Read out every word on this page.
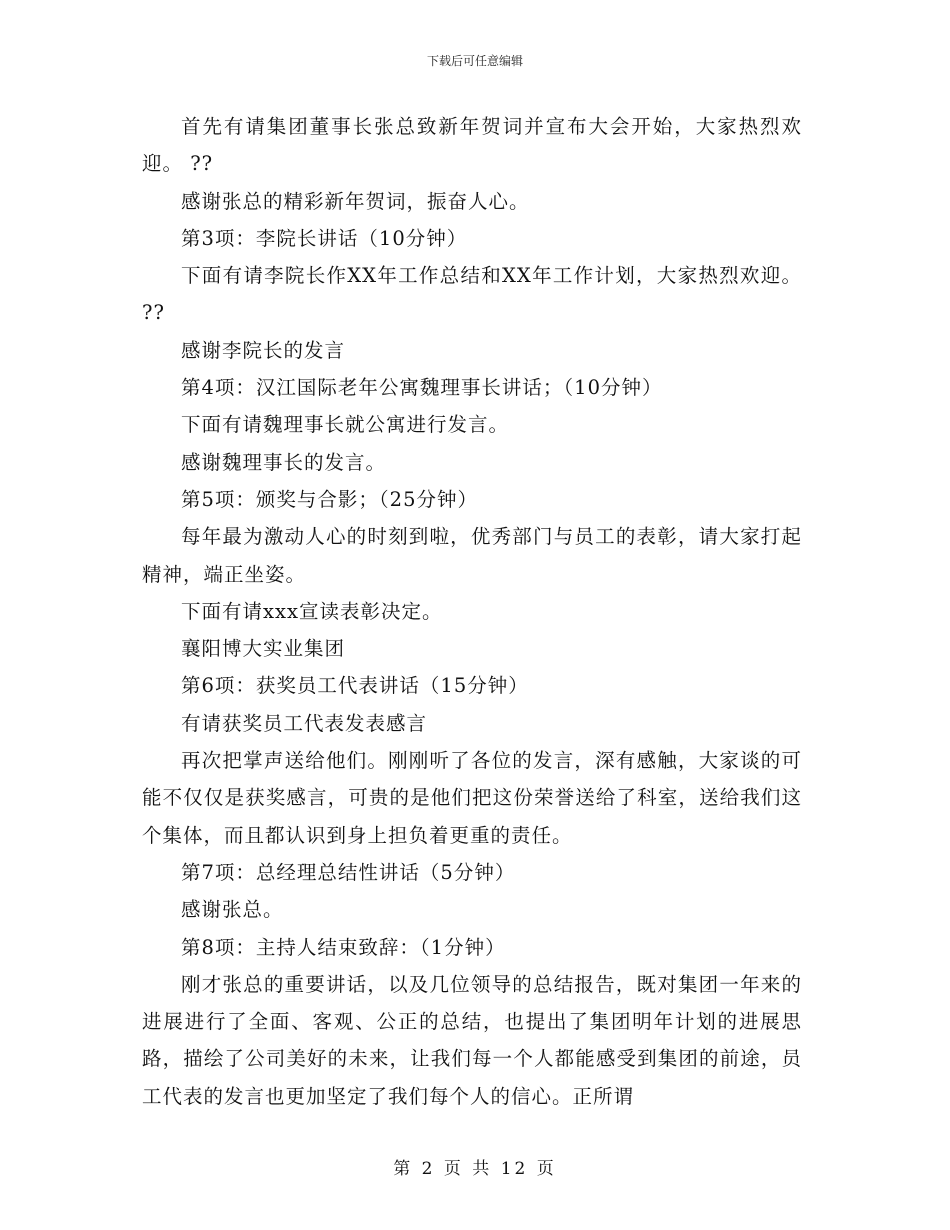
下载后可任意编辑

首先有请集团董事长张总致新年贺词并宣布大会开始，大家热烈欢迎。 ??

感谢张总的精彩新年贺词，振奋人心。

第3项：李院长讲话（10分钟）

下面有请李院长作XX年工作总结和XX年工作计划，大家热烈欢迎。 ??

感谢李院长的发言

第4项：汉江国际老年公寓魏理事长讲话；（10分钟）

下面有请魏理事长就公寓进行发言。

感谢魏理事长的发言。

第5项：颁奖与合影；（25分钟）

每年最为激动人心的时刻到啦，优秀部门与员工的表彰，请大家打起精神，端正坐姿。

下面有请xxx宣读表彰决定。

襄阳博大实业集团

第6项：获奖员工代表讲话（15分钟）

有请获奖员工代表发表感言

再次把掌声送给他们。刚刚听了各位的发言，深有感触，大家谈的可能不仅仅是获奖感言，可贵的是他们把这份荣誉送给了科室，送给我们这个集体，而且都认识到身上担负着更重的责任。

第7项：总经理总结性讲话（5分钟）

感谢张总。

第8项：主持人结束致辞：（1分钟）

刚才张总的重要讲话，以及几位领导的总结报告，既对集团一年来的进展进行了全面、客观、公正的总结，也提出了集团明年计划的进展思路，描绘了公司美好的未来，让我们每一个人都能感受到集团的前途，员工代表的发言也更加坚定了我们每个人的信心。正所谓

第 2 页 共 12 页
